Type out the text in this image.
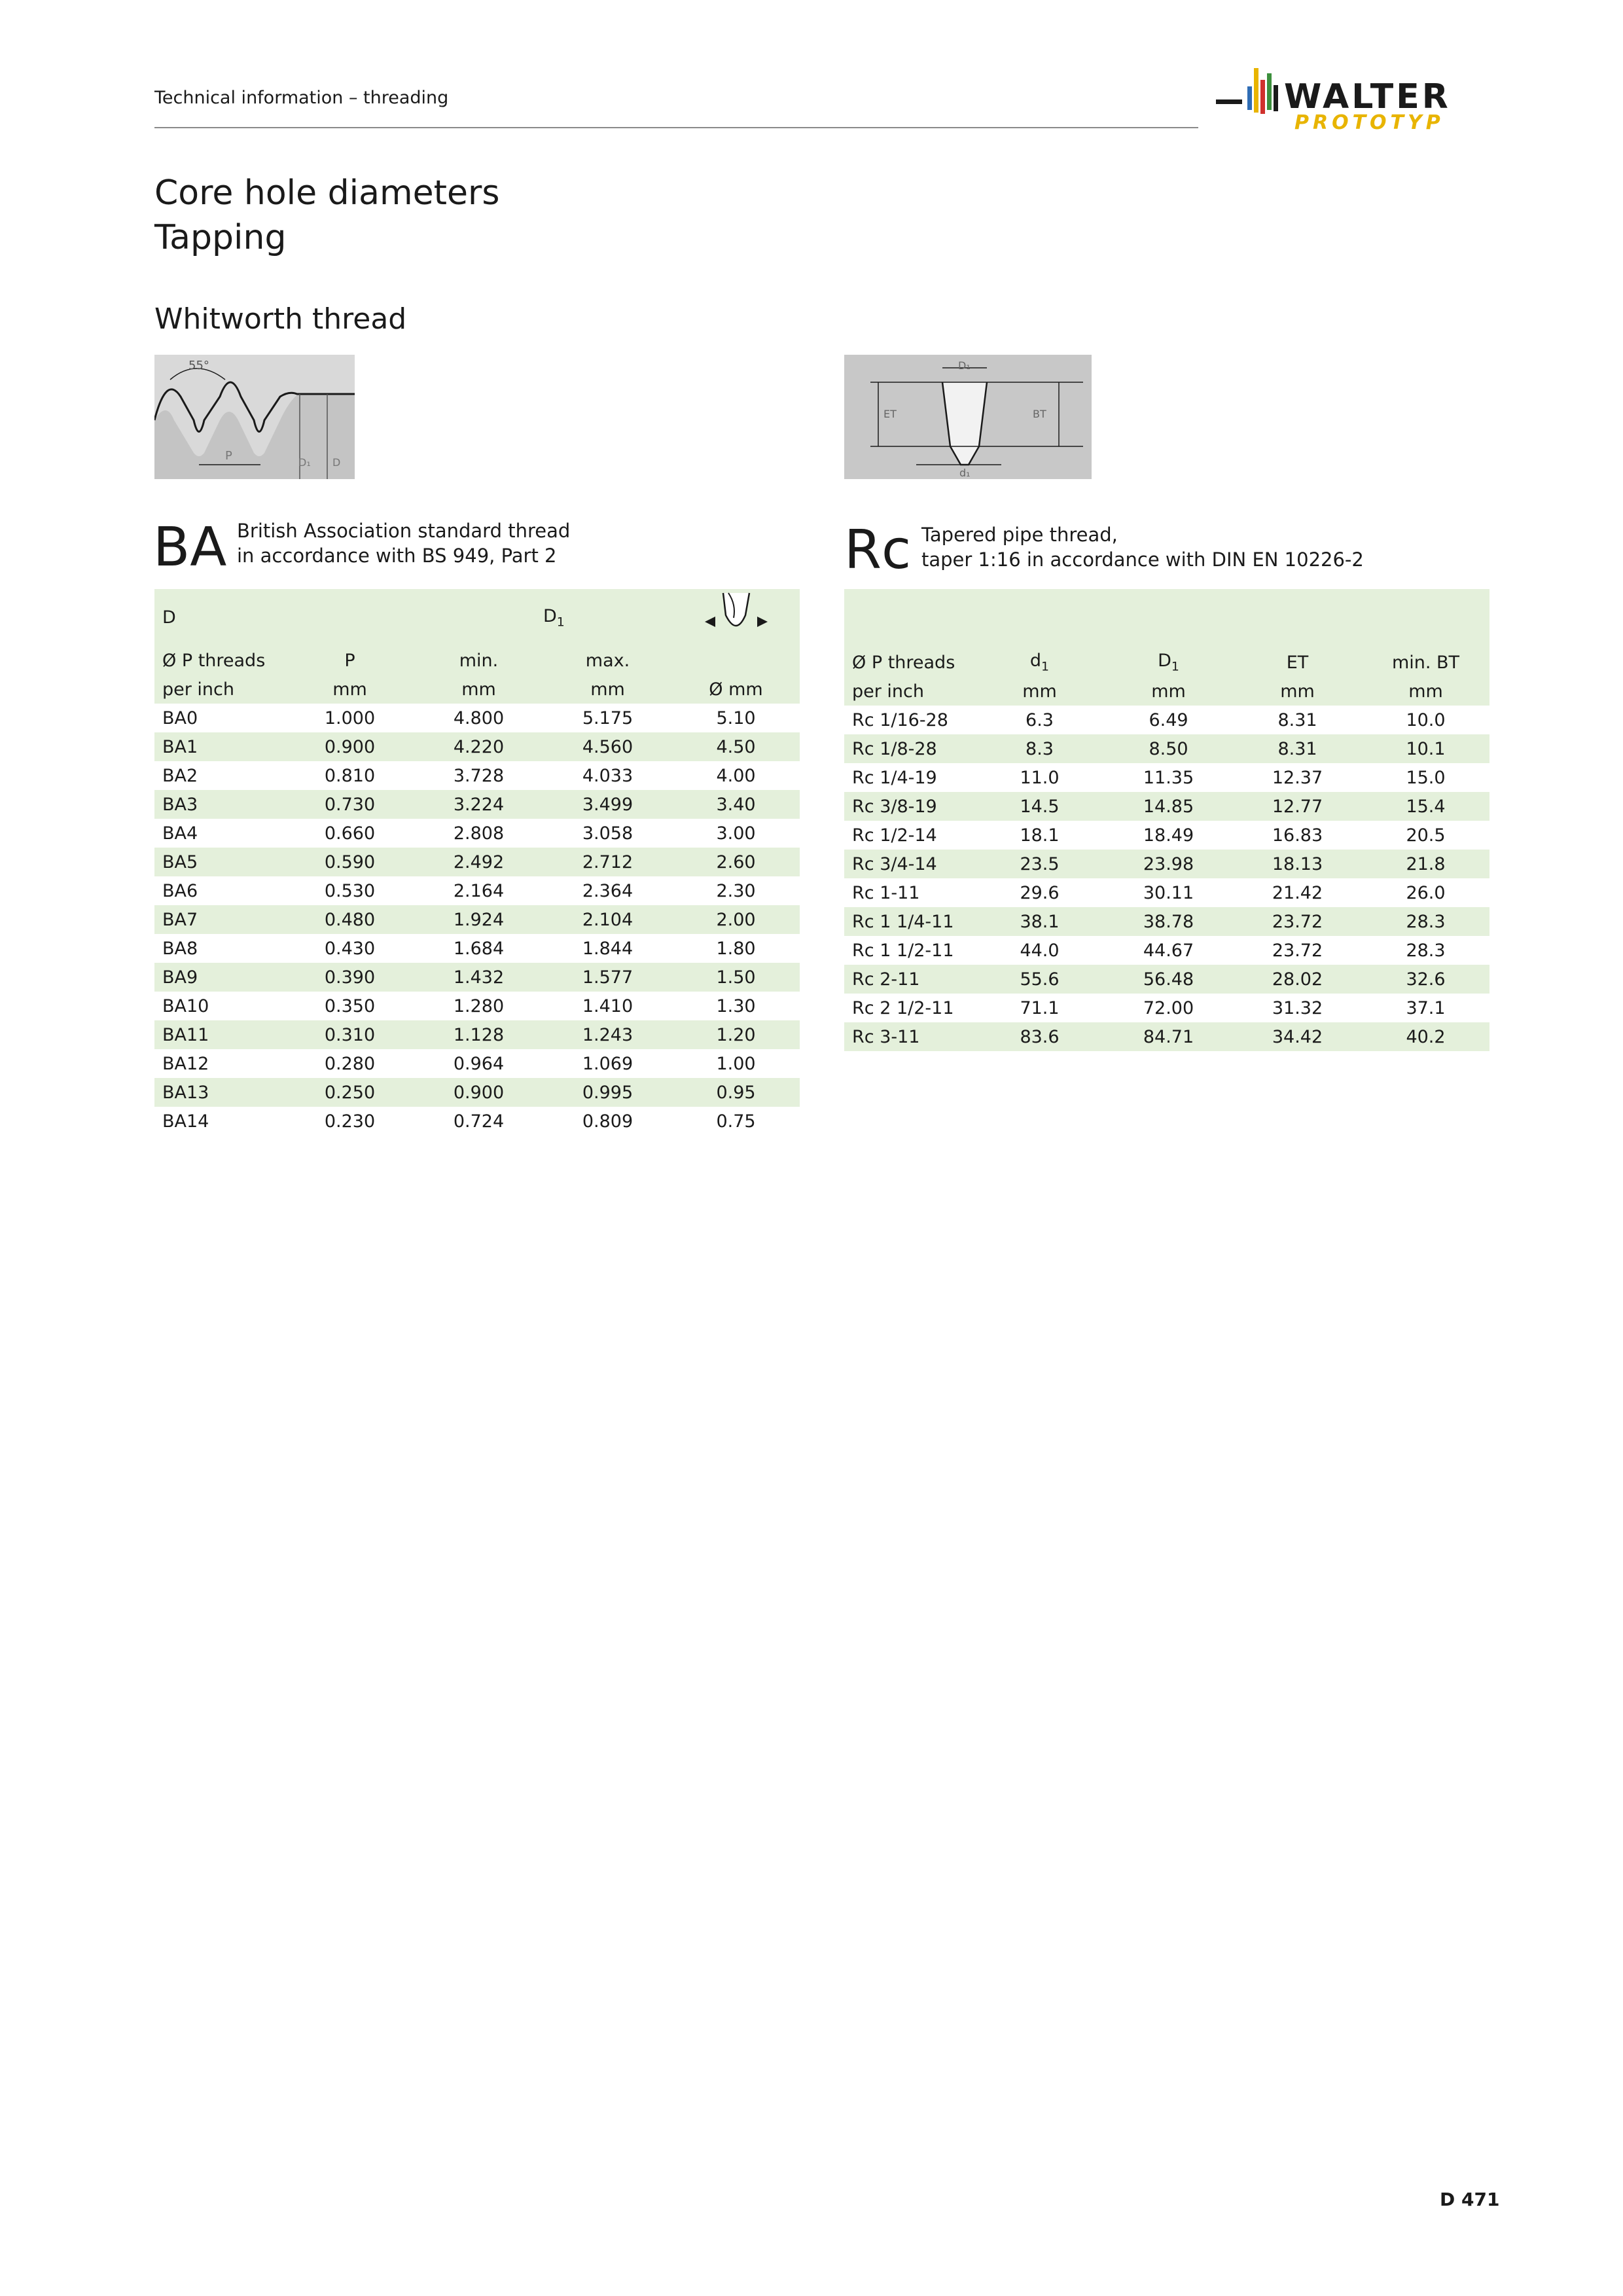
Technical information – threading	WALTER
PROTOTYP
Core hole diameters
Tapping
Whitworth thread
55°
P	D₁ D
D₁
ET	BT
d₁
BA British Association standard thread
in accordance with BS 949, Part 2	Rc Tapered pipe thread,
taper 1:16 in accordance with DIN EN 10226-2
D			$D_1$	
Ø P threads	P	min.	max.	
per inch	mm	mm	mm	Ø mm
BA0	1.000	4.800	5.175	5.10
BA1	0.900	4.220	4.560	4.50
BA2	0.810	3.728	4.033	4.00
BA3	0.730	3.224	3.499	3.40
BA4	0.660	2.808	3.058	3.00
BA5	0.590	2.492	2.712	2.60
BA6	0.530	2.164	2.364	2.30
BA7	0.480	1.924	2.104	2.00
BA8	0.430	1.684	1.844	1.80
BA9	0.390	1.432	1.577	1.50
BA10	0.350	1.280	1.410	1.30
BA11	0.310	1.128	1.243	1.20
BA12	0.280	0.964	1.069	1.00
BA13	0.250	0.900	0.995	0.95
BA14	0.230	0.724	0.809	0.75

Ø P threads	$d_1$	$D_1$	ET	min. BT
per inch	mm	mm	mm	mm
Rc 1/16-28	6.3	6.49	8.31	10.0
Rc 1/8-28	8.3	8.50	8.31	10.1
Rc 1/4-19	11.0	11.35	12.37	15.0
Rc 3/8-19	14.5	14.85	12.77	15.4
Rc 1/2-14	18.1	18.49	16.83	20.5
Rc 3/4-14	23.5	23.98	18.13	21.8
Rc 1-11	29.6	30.11	21.42	26.0
Rc 1 1/4-11	38.1	38.78	23.72	28.3
Rc 1 1/2-11	44.0	44.67	23.72	28.3
Rc 2-11	55.6	56.48	28.02	32.6
Rc 2 1/2-11	71.1	72.00	31.32	37.1
Rc 3-11	83.6	84.71	34.42	40.2
D 471
